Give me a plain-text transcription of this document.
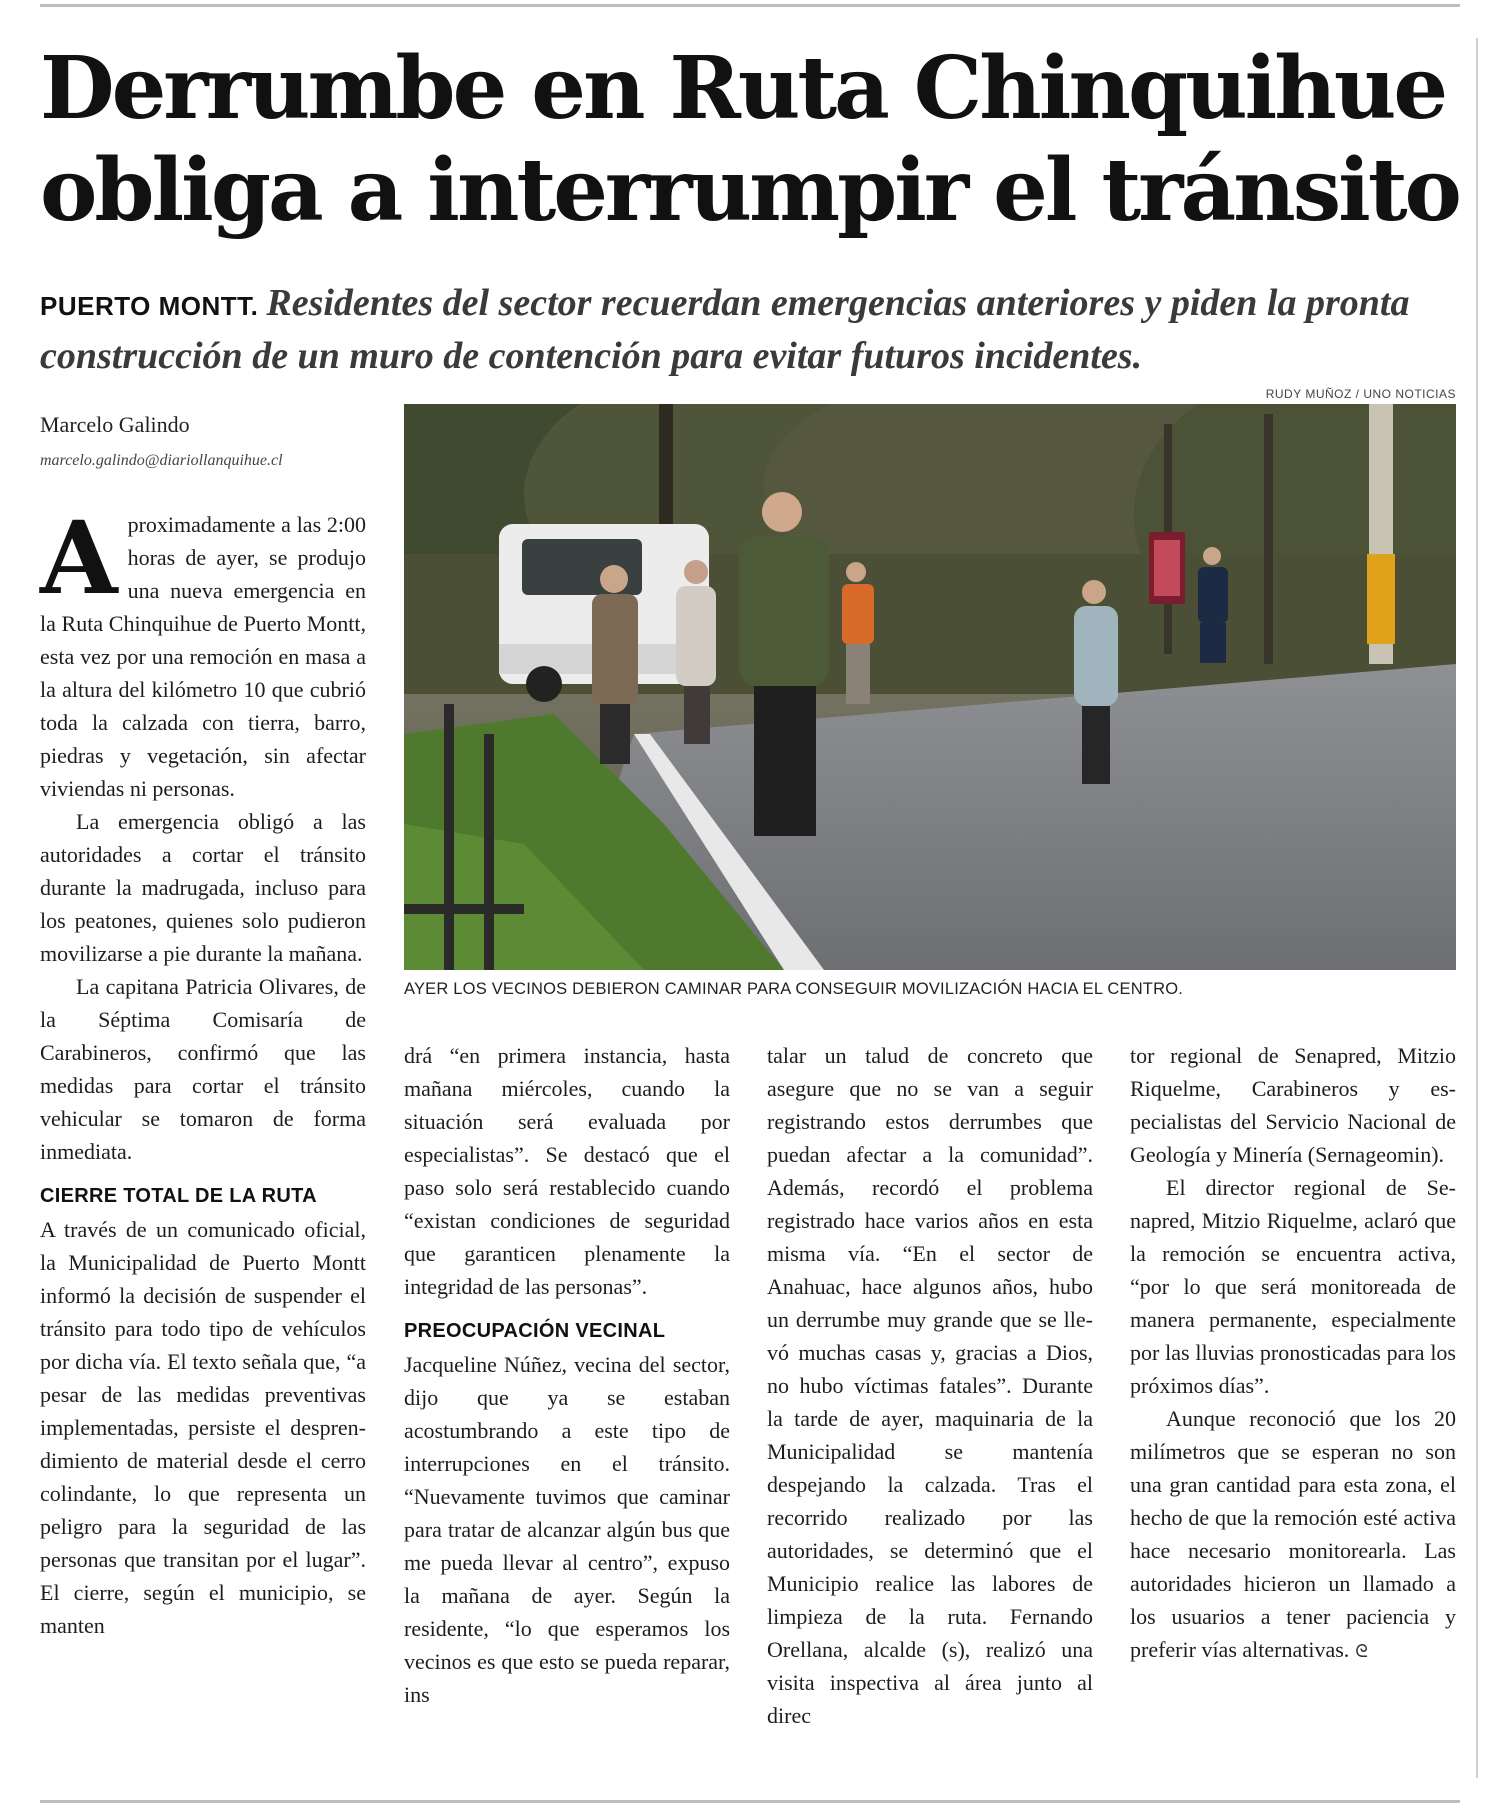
Derrumbe en Ruta Chinquihue
obliga a interrumpir el tránsito
PUERTO MONTT. Residentes del sector recuerdan emergencias anteriores y piden la pronta construcción de un muro de contención para evitar futuros incidentes.
RUDY MUÑOZ / UNO NOTICIAS
Marcelo Galindo
marcelo.galindo@diariollanquihue.cl
AYER LOS VECINOS DEBIERON CAMINAR PARA CONSEGUIR MOVILIZACIÓN HACIA EL CENTRO.

Aproximadamente a las 2:00 horas de ayer, se produjo una nueva emergencia en la Ruta Chinquihue de Puerto Montt, esta vez por una remoción en masa a la altura del kilómetro 10 que cubrió toda la calzada con tierra, barro, piedras y vegetación, sin afectar viviendas ni personas.

La emergencia obligó a las autoridades a cortar el tránsito durante la madrugada, incluso para los peatones, quienes solo pudieron movilizarse a pie durante la mañana.

La capitana Patricia Olivares, de la Séptima Comisaría de Carabineros, confirmó que las medidas para cortar el tránsito vehicular se tomaron de forma inmediata.

CIERRE TOTAL DE LA RUTA

A través de un comunicado oficial, la Municipalidad de Puerto Montt informó la decisión de suspender el tránsito para todo tipo de vehículos por dicha vía. El texto señala que, “a pesar de las medidas preventivas implementadas, persiste el desprendimiento de material desde el cerro colindante, lo que representa un peligro para la seguridad de las personas que transitan por el lugar”. El cierre, según el municipio, se manten

drá “en primera instancia, hasta mañana miércoles, cuando la situación será evaluada por especialistas”. Se destacó que el paso solo será restablecido cuando “existan condiciones de seguridad que garanticen plenamente la integridad de las personas”.

PREOCUPACIÓN VECINAL

Jacqueline Núñez, vecina del sector, dijo que ya se estaban acostumbrando a este tipo de interrupciones en el tránsito. “Nuevamente tuvimos que caminar para tratar de alcanzar algún bus que me pueda llevar al centro”, expuso la mañana de ayer. Según la residente, “lo que esperamos los vecinos es que esto se pueda reparar, ins

talar un talud de concreto que asegure que no se van a seguir registrando estos derrumbes que puedan afectar a la comunidad”. Además, recordó el problema registrado hace varios años en esta misma vía. “En el sector de Anahuac, hace algunos años, hubo un derrumbe muy grande que se llevó muchas casas y, gracias a Dios, no hubo víctimas fatales”. Durante la tarde de ayer, maquinaria de la Municipalidad se mantenía despejando la calzada. Tras el recorrido realizado por las autoridades, se determinó que el Municipio realice las labores de limpieza de la ruta. Fernando Orellana, alcalde (s), realizó una visita inspectiva al área junto al direc

tor regional de Senapred, Mitzio Riquelme, Carabineros y especialistas del Servicio Nacional de Geología y Minería (Sernageomin).

El director regional de Senapred, Mitzio Riquelme, aclaró que la remoción se encuentra activa, “por lo que será monitoreada de manera permanente, especialmente por las lluvias pronosticadas para los próximos días”.

Aunque reconoció que los 20 milímetros que se esperan no son una gran cantidad para esta zona, el hecho de que la remoción esté activa hace necesario monitorearla. Las autoridades hicieron un llamado a los usuarios a tener paciencia y preferir vías alternativas. ᘓ
